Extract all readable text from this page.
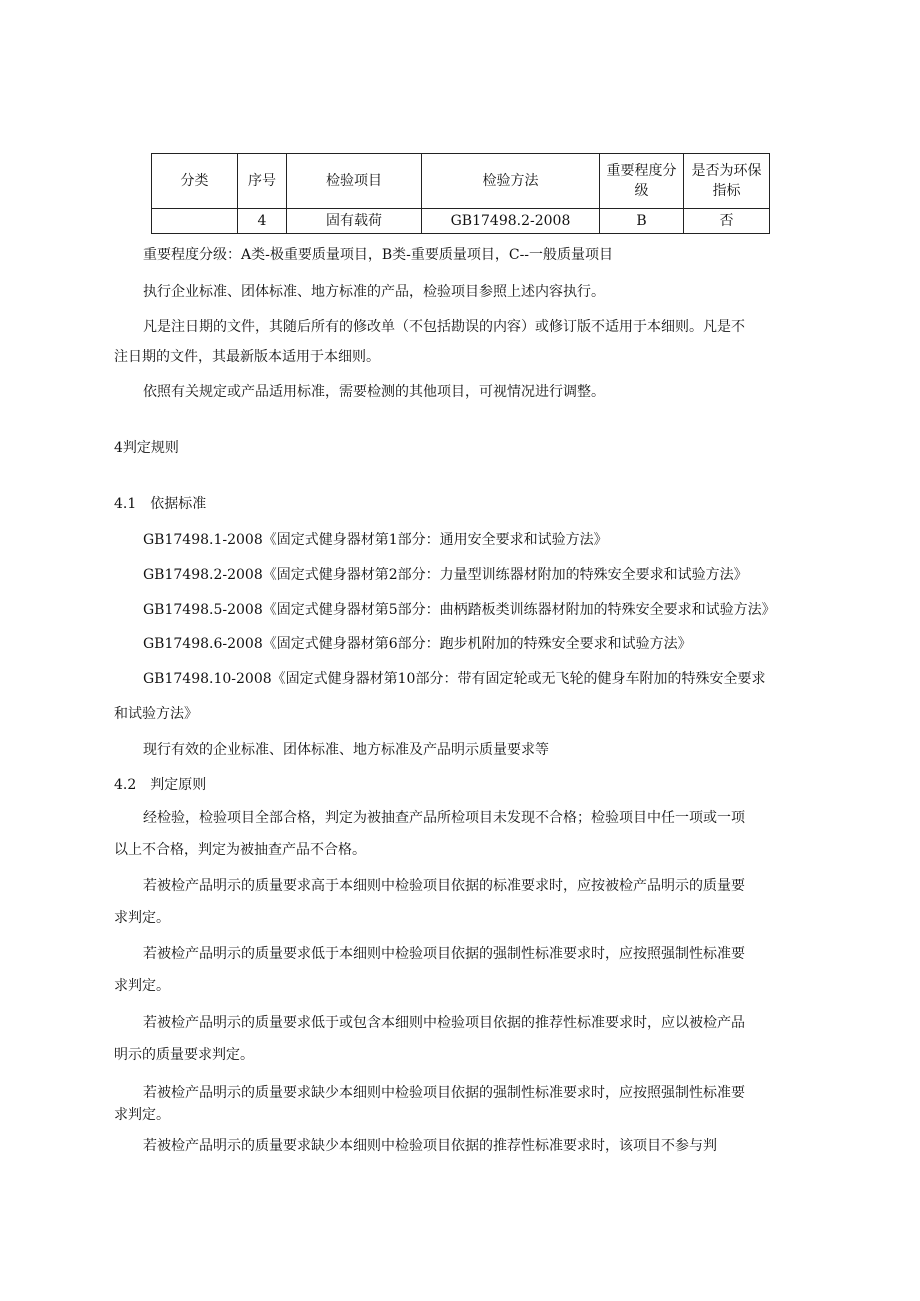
分类	序号	检验项目	检验方法	重要程度分级	是否为环保指标
	4	固有载荷	GB17498.2-2008	B	否
重要程度分级：A类-极重要质量项目，B类-重要质量项目，C--一般质量项目
执行企业标准、团体标准、地方标准的产品，检验项目参照上述内容执行。
凡是注日期的文件，其随后所有的修改单（不包括勘误的内容）或修订版不适用于本细则。凡是不
注日期的文件，其最新版本适用于本细则。
依照有关规定或产品适用标准，需要检测的其他项目，可视情况进行调整。
4判定规则
4.1　依据标准
GB17498.1-2008《固定式健身器材第1部分：通用安全要求和试验方法》
GB17498.2-2008《固定式健身器材第2部分：力量型训练器材附加的特殊安全要求和试验方法》
GB17498.5-2008《固定式健身器材第5部分：曲柄踏板类训练器材附加的特殊安全要求和试验方法》
GB17498.6-2008《固定式健身器材第6部分：跑步机附加的特殊安全要求和试验方法》
GB17498.10-2008《固定式健身器材第10部分：带有固定轮或无飞轮的健身车附加的特殊安全要求
和试验方法》
现行有效的企业标准、团体标准、地方标准及产品明示质量要求等
4.2　判定原则
经检验，检验项目全部合格，判定为被抽查产品所检项目未发现不合格；检验项目中任一项或一项
以上不合格，判定为被抽查产品不合格。
若被检产品明示的质量要求高于本细则中检验项目依据的标准要求时，应按被检产品明示的质量要
求判定。
若被检产品明示的质量要求低于本细则中检验项目依据的强制性标准要求时，应按照强制性标准要
求判定。
若被检产品明示的质量要求低于或包含本细则中检验项目依据的推荐性标准要求时，应以被检产品
明示的质量要求判定。
若被检产品明示的质量要求缺少本细则中检验项目依据的强制性标准要求时，应按照强制性标准要
求判定。
若被检产品明示的质量要求缺少本细则中检验项目依据的推荐性标准要求时，该项目不参与判
